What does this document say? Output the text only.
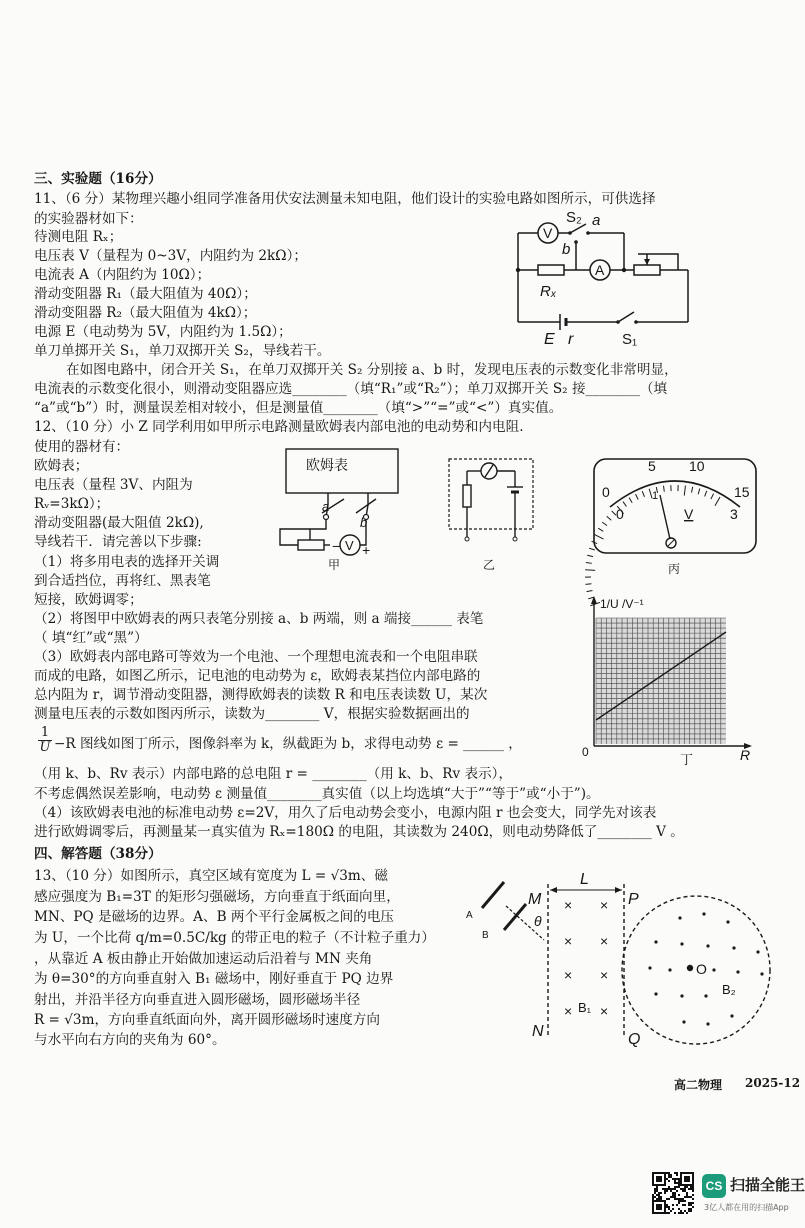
三、实验题（16分）
11、（6 分）某物理兴趣小组同学准备用伏安法测量未知电阻，他们设计的实验电路如图所示，可供选择
的实验器材如下：
待测电阻 Rₓ；
电压表 V（量程为 0~3V，内阻约为 2kΩ）；
电流表 A（内阻约为 10Ω）；
滑动变阻器 R₁（最大阻值为 40Ω）；
滑动变阻器 R₂（最大阻值为 4kΩ）；
电源 E（电动势为 5V，内阻约为 1.5Ω）；
单刀单掷开关 S₁，单刀双掷开关 S₂，导线若干。
在如图电路中，闭合开关 S₁，在单刀双掷开关 S₂ 分别接 a、b 时，发现电压表的示数变化非常明显，
电流表的示数变化很小，则滑动变阻器应选________（填“R₁”或“R₂”）；单刀双掷开关 S₂ 接________（填
“a”或“b”）时，测量误差相对较小，但是测量值________（填“>”“=”或“<”）真实值。
V
A
S₂ a
b
Rₓ
E r	S₁
12、（10 分）小 Z 同学利用如甲所示电路测量欧姆表内部电池的电动势和内电阻.
使用的器材有：
欧姆表；
电压表（量程 3V、内阻为
Rᵥ=3kΩ）；
滑动变阻器(最大阻值 2kΩ),
导线若干．请完善以下步骤:
（1）将多用电表的选择开关调
到合适挡位，再将红、黑表笔
短接，欧姆调零；
（2）将图甲中欧姆表的两只表笔分别接 a、b 两端，则 a 端接______ 表笔
（ 填“红”或“黑”）
（3）欧姆表内部电路可等效为一个电池、一个理想电流表和一个电阻串联
而成的电路，如图乙所示，记电池的电动势为 ε，欧姆表某挡位内部电路的
总内阻为 r，调节滑动变阻器，测得欧姆表的读数 R 和电压表读数 U，某次
测量电压表的示数如图丙所示，读数为________ V，根据实验数据画出的
$\frac{1}{U} -R$ 图线如图丁所示，图像斜率为 k，纵截距为 b，求得电动势 ε = ______ ，
（用 k、b、Rv 表示）内部电路的总电阻 r = ________（用 k、b、Rv 表示），
不考虑偶然误差影响，电动势 ε 测量值________真实值（以上均选填“大于”“等于”或“小于”)。
（4）该欧姆表电池的标准电动势 ε=2V，用久了后电动势会变小，电源内阻 r 也会变大，同学先对该表
进行欧姆调零后，再测量某一真实值为 Rₓ=180Ω 的电阻，其读数为 240Ω，则电动势降低了________ V 。
欧姆表
a
b
V
− +
甲	乙
5 10
0	15
0	3
1
V
丙
1/U /V⁻¹
0	R
丁
四、解答题（38分）
13、（10 分）如图所示，真空区域有宽度为 L = √3m、磁
感应强度为 B₁=3T 的矩形匀强磁场，方向垂直于纸面向里，
MN、PQ 是磁场的边界。A、B 两个平行金属板之间的电压
为 U，一个比荷 q/m=0.5C/kg 的带正电的粒子（不计粒子重力）
，从靠近 A 板由静止开始做加速运动后沿着与 MN 夹角
为 θ=30°的方向垂直射入 B₁ 磁场中，刚好垂直于 PQ 边界
射出，并沿半径方向垂直进入圆形磁场，圆形磁场半径
R = √3m，方向垂直纸面向外，离开圆形磁场时速度方向
与水平向右方向的夹角为 60°。
A
B
M
N
P
Q
L
θ
×
×
×
×
×
×
×
×
B₁
O
B₂
高二物理 2025-12
CS 扫描全能王
3亿人都在用的扫描App
